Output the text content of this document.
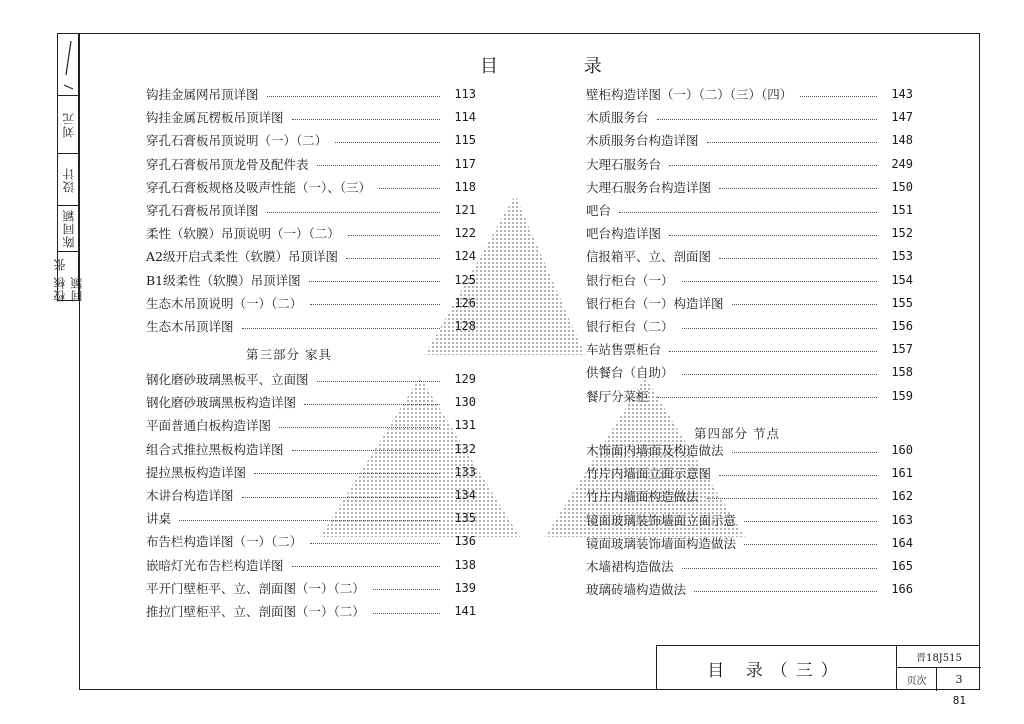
刘元
设计
陈同颖
校核 张同颖
目 录
钩挂金属网吊顶详图	113
钩挂金属瓦楞板吊顶详图	114
穿孔石膏板吊顶说明（一）（二）	115
穿孔石膏板吊顶龙骨及配件表	117
穿孔石膏板规格及吸声性能（一）、（三）	118
穿孔石膏板吊顶详图	121
柔性（软膜）吊顶说明（一）（二）	122
A2级开启式柔性（软膜）吊顶详图	124
B1级柔性（软膜）吊顶详图	125
生态木吊顶说明（一）（二）	126
生态木吊顶详图	128
第三部分 家具
钢化磨砂玻璃黑板平、立面图	129
钢化磨砂玻璃黑板构造详图	130
平面普通白板构造详图	131
组合式推拉黑板构造详图	132
提拉黑板构造详图	133
木讲台构造详图	134
讲桌	135
布告栏构造详图（一）（二）	136
嵌暗灯光布告栏构造详图	138
平开门壁柜平、立、剖面图（一）（二）	139
推拉门壁柜平、立、剖面图（一）（二）	141
壁柜构造详图（一）（二）（三）（四）	143
木质服务台	147
木质服务台构造详图	148
大理石服务台	249
大理石服务台构造详图	150
吧台	151
吧台构造详图	152
信报箱平、立、剖面图	153
银行柜台（一）	154
银行柜台（一）构造详图	155
银行柜台（二）	156
车站售票柜台	157
供餐台（自助）	158
餐厅分菜柜	159
第四部分 节点
木饰面内墙面及构造做法	160
竹片内墙面立面示意图	161
竹片内墙面构造做法	162
镜面玻璃装饰墙面立面示意	163
镜面玻璃装饰墙面构造做法	164
木墙裙构造做法	165
玻璃砖墙构造做法	166
目 录（三）
晋18J515
页次	3
81
